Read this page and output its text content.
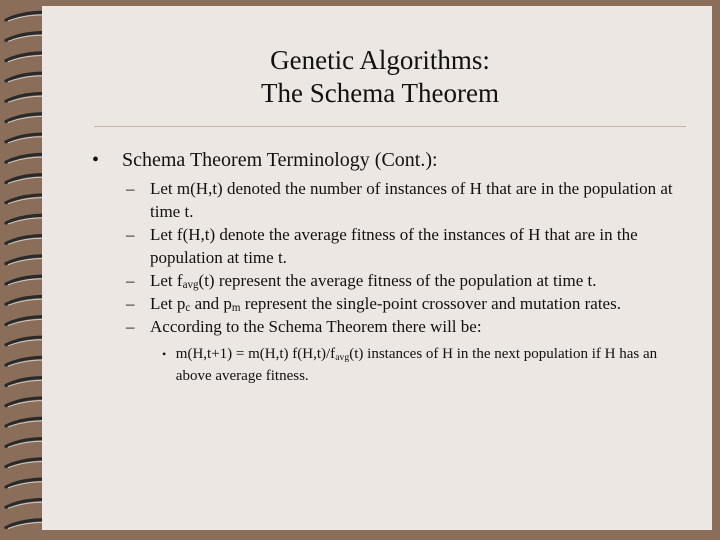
Genetic Algorithms:
The Schema Theorem
•	Schema Theorem Terminology (Cont.):
– Let m(H,t) denoted the number of instances of H that are in the population at time t.
– Let f(H,t) denote the average fitness of the instances of H that are in the population at time t.
– Let $f_{avg}(t)$ represent the average fitness of the population at time t.
– Let $p_c$ and $p_m$ represent the single-point crossover and mutation rates.
– According to the Schema Theorem there will be:
• m(H,t+1) = m(H,t) $f(H,t)/f_{avg}(t)$ instances of H in the next population if H has an above average fitness.
